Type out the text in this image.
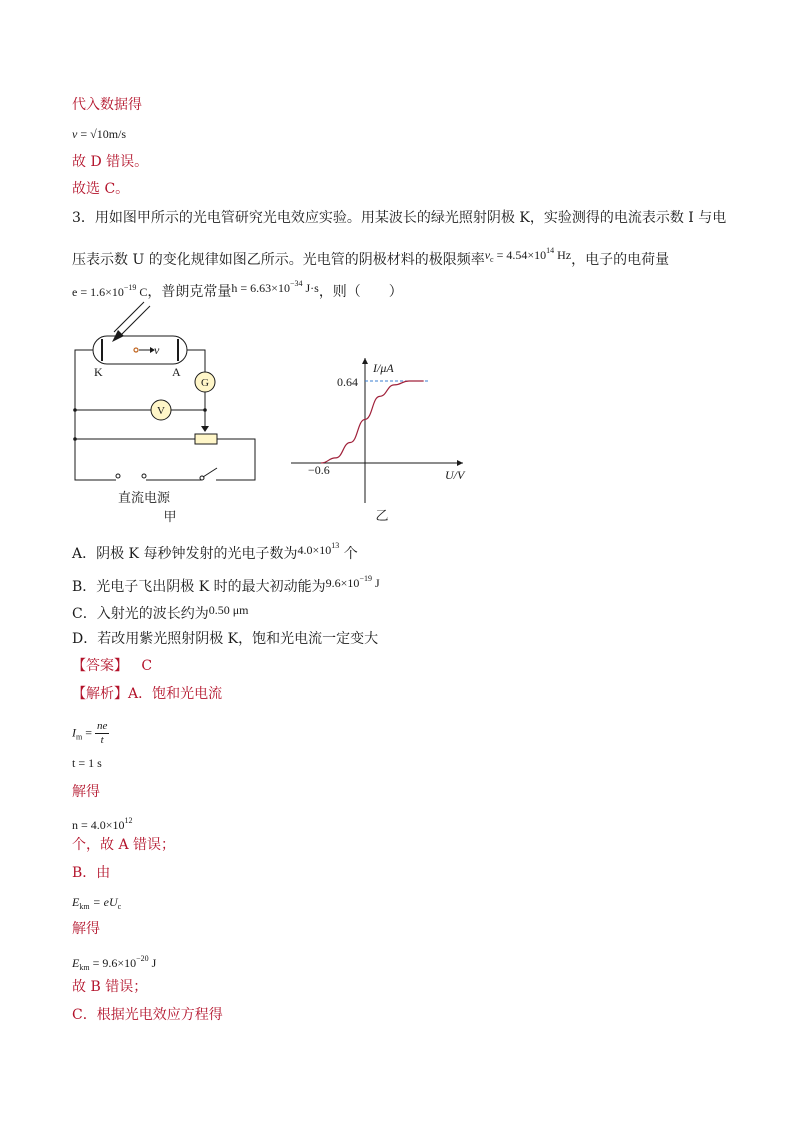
代入数据得
v = √10m/s
故 D 错误。
故选 C。
3．用如图甲所示的光电管研究光电效应实验。用某波长的绿光照射阴极 K，实验测得的电流表示数 I 与电
压表示数 U 的变化规律如图乙所示。光电管的阴极材料的极限频率$\nu_c = 4.54\times 10^{14}$ Hz，电子的电荷量
$e = 1.6\times 10^{-19}$ C，普朗克常量$h = 6.63\times 10^{-34}$ J·s，则（　　）
v
K	A
G
V
直流电源
甲
I/μA
U/V
0.64
−0.6
乙
A．阴极 K 每秒钟发射的光电子数为$4.0\times 10^{13}$ 个
B．光电子飞出阴极 K 时的最大初动能为$9.6\times 10^{-19}$ J
C．入射光的波长约为0.50 μm
D．若改用紫光照射阴极 K，饱和光电流一定变大
【答案】 C
【解析】A．饱和光电流
$I_m = \frac{ne}{t}$
t = 1 s
解得
$n = 4.0\times 10^{12}$
个，故 A 错误；
B．由
$E_{km} = eU_c$
解得
$E_{km} = 9.6\times 10^{-20}$ J
故 B 错误；
C．根据光电效应方程得
